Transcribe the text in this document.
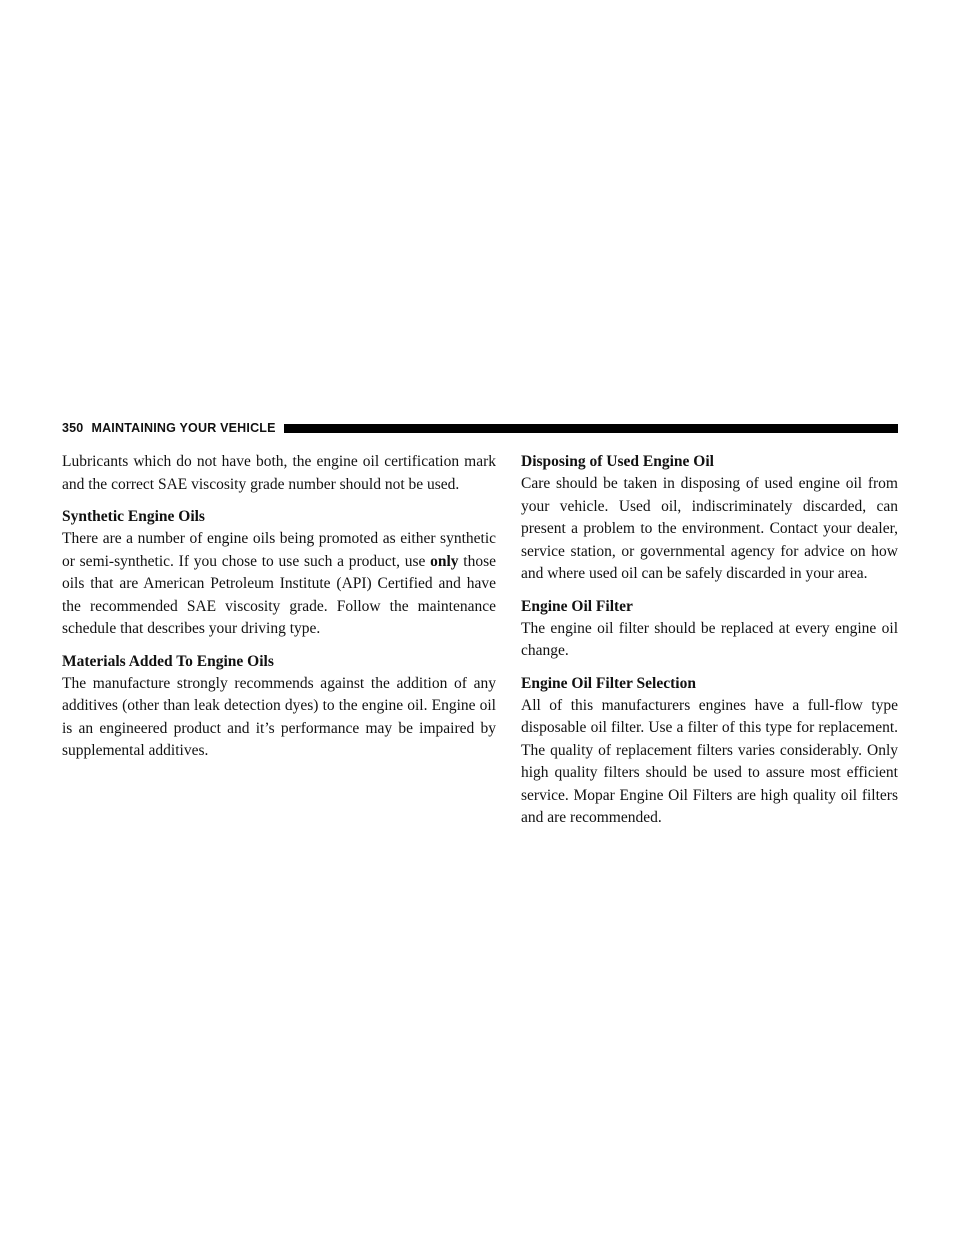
350 MAINTAINING YOUR VEHICLE

Lubricants which do not have both, the engine oil certification mark and the correct SAE viscosity grade number should not be used.

Synthetic Engine Oils

There are a number of engine oils being promoted as either synthetic or semi-synthetic. If you chose to use such a product, use only those oils that are American Petroleum Institute (API) Certified and have the recommended SAE viscosity grade. Follow the maintenance schedule that describes your driving type.

Materials Added To Engine Oils

The manufacture strongly recommends against the addition of any additives (other than leak detection dyes) to the engine oil. Engine oil is an engineered product and it’s performance may be impaired by supplemental additives.

Disposing of Used Engine Oil

Care should be taken in disposing of used engine oil from your vehicle. Used oil, indiscriminately discarded, can present a problem to the environment. Contact your dealer, service station, or governmental agency for advice on how and where used oil can be safely discarded in your area.

Engine Oil Filter

The engine oil filter should be replaced at every engine oil change.

Engine Oil Filter Selection

All of this manufacturers engines have a full-flow type disposable oil filter. Use a filter of this type for replacement. The quality of replacement filters varies considerably. Only high quality filters should be used to assure most efficient service. Mopar Engine Oil Filters are high quality oil filters and are recommended.
